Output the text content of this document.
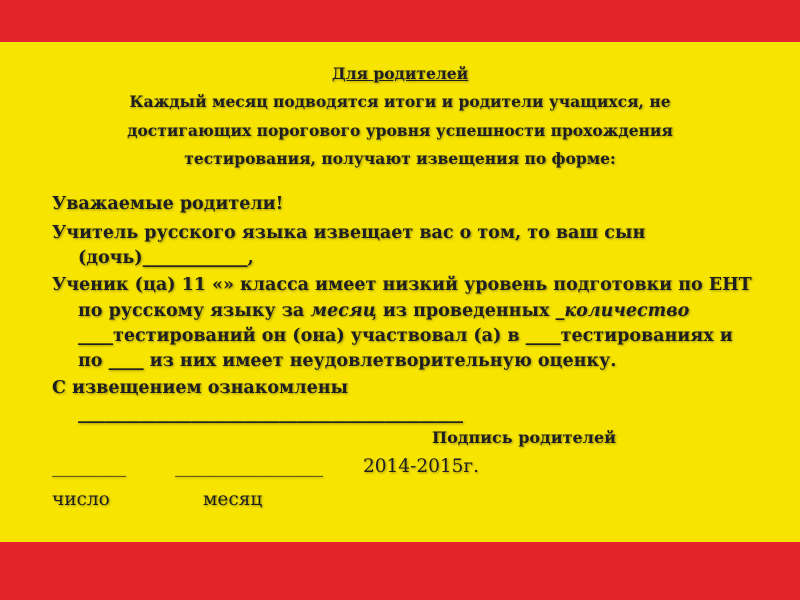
Для родителей
Каждый месяц подводятся итоги и родители учащихся, не
достигающих порогового уровня успешности прохождения
тестирования, получают извещения по форме:
Уважаемые родители!
Учитель русского языка извещает вас о том, то ваш сын
(дочь)____________,
Ученик (ца) 11 «» класса имеет низкий уровень подготовки по ЕНТ
по русскому языку за месяц из проведенных _количество
____тестирований он (она) участвовал (а) в ____тестированиях и
по ____ из них имеет неудовлетворительную оценку.
С извещением ознакомлены
____________________________________________
Подпись родителей
________	________________ 2014-2015г.
число	месяц
